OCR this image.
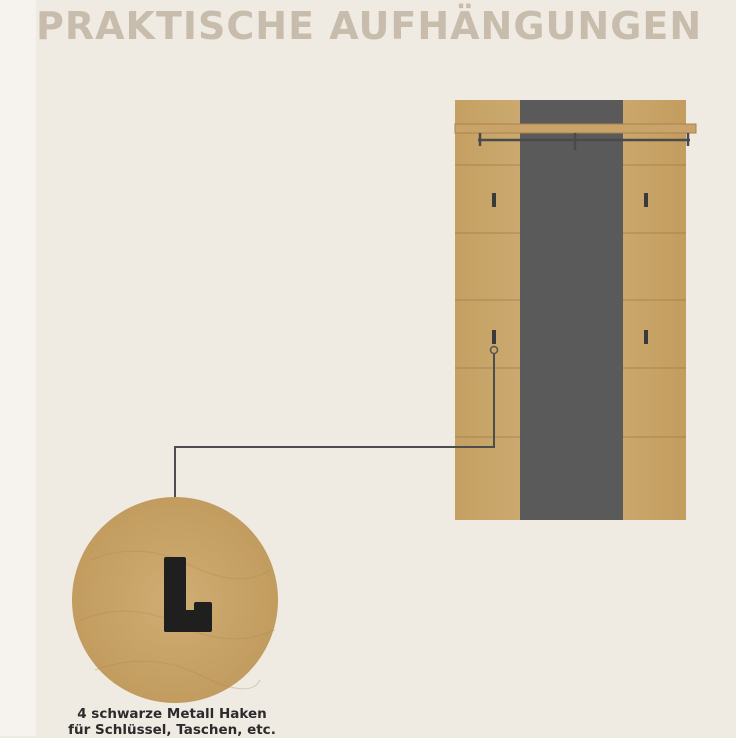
PRAKTISCHE AUFHÄNGUNGEN
4 schwarze Metall Haken
für Schlüssel, Taschen, etc.
